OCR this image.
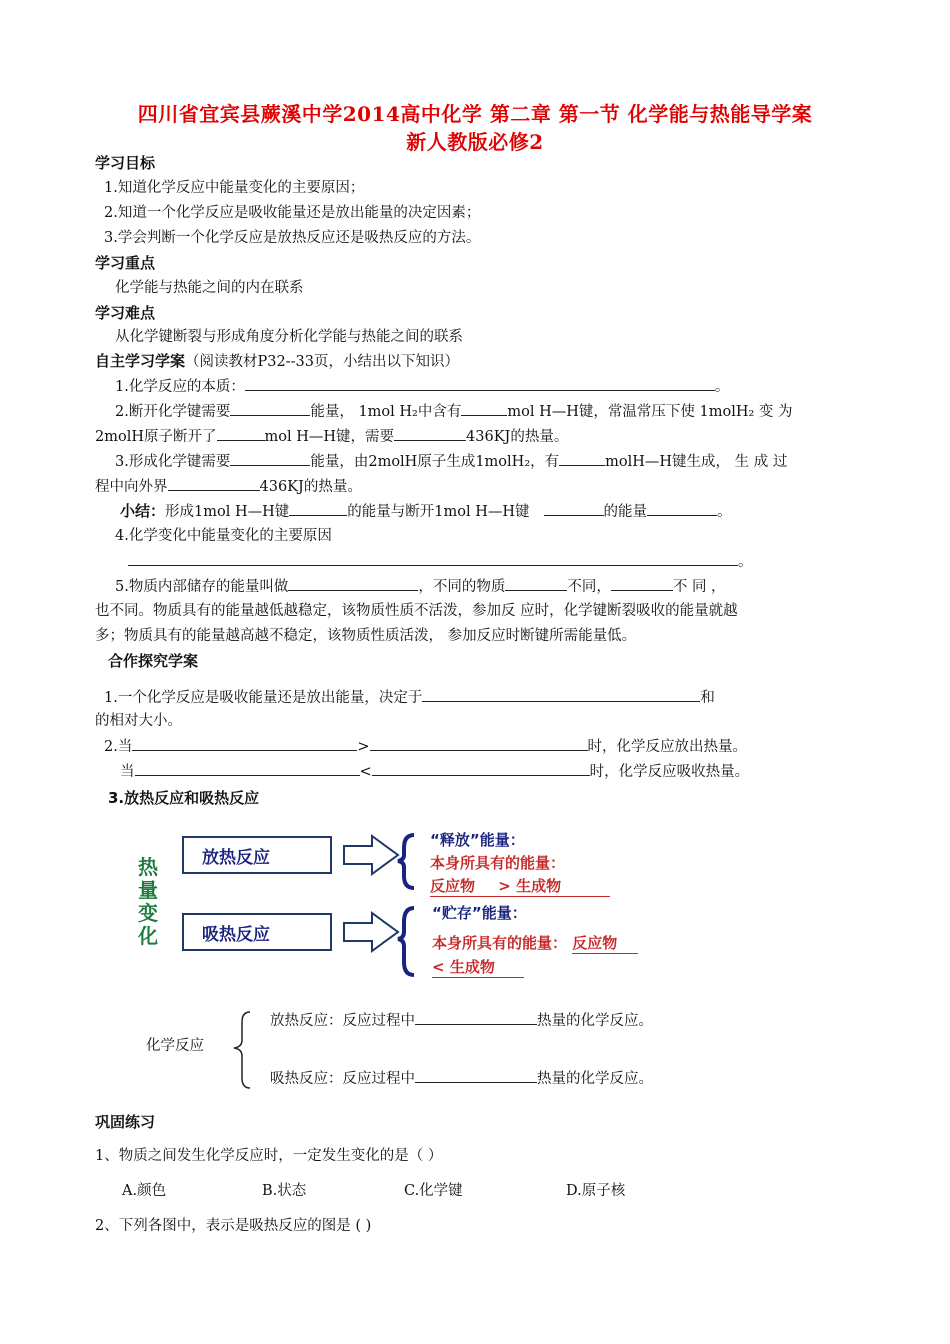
四川省宜宾县蕨溪中学2014高中化学 第二章 第一节 化学能与热能导学案
新人教版必修2
学习目标
1.知道化学反应中能量变化的主要原因；
2.知道一个化学反应是吸收能量还是放出能量的决定因素；
3.学会判断一个化学反应是放热反应还是吸热反应的方法。
学习重点
化学能与热能之间的内在联系
学习难点
从化学键断裂与形成角度分析化学能与热能之间的联系
自主学习学案（阅读教材P32--33页，小结出以下知识）
1.化学反应的本质：	。
2.断开化学键需要	能量， 1mol H₂中含有	mol H—H键，常温常压下使 1molH₂ 变 为
2molH原子断开了	mol H—H键，需要	436KJ的热量。
3.形成化学键需要	能量，由2molH原子生成1molH₂，有	molH—H键生成， 生 成 过
程中向外界	436KJ的热量。
小结：形成1mol H—H键	的能量与断开1mol H—H键	的能量	。
4.化学变化中能量变化的主要原因
。
5.物质内部储存的能量叫做	，不同的物质	不同，	不 同 ，
也不同。物质具有的能量越低越稳定，该物质性质不活泼，参加反 应时，化学键断裂吸收的能量就越
多；物质具有的能量越高越不稳定，该物质性质活泼， 参加反应时断键所需能量低。
合作探究学案
1.一个化学反应是吸收能量还是放出能量，决定于	和
的相对大小。
2.当	>	时，化学反应放出热量。
当	<	时，化学反应吸收热量。
3.放热反应和吸热反应
热量变化
放热反应
吸热反应
“释放”能量：
本身所具有的能量：
反应物 > 生成物
“贮存”能量：
本身所具有的能量： 反应物
< 生成物
化学反应
放热反应：反应过程中	热量的化学反应。
吸热反应：反应过程中	热量的化学反应。
巩固练习
1、物质之间发生化学反应时，一定发生变化的是（ ）
A.颜色	B.状态	C.化学键	D.原子核
2、下列各图中，表示是吸热反应的图是 ( )
